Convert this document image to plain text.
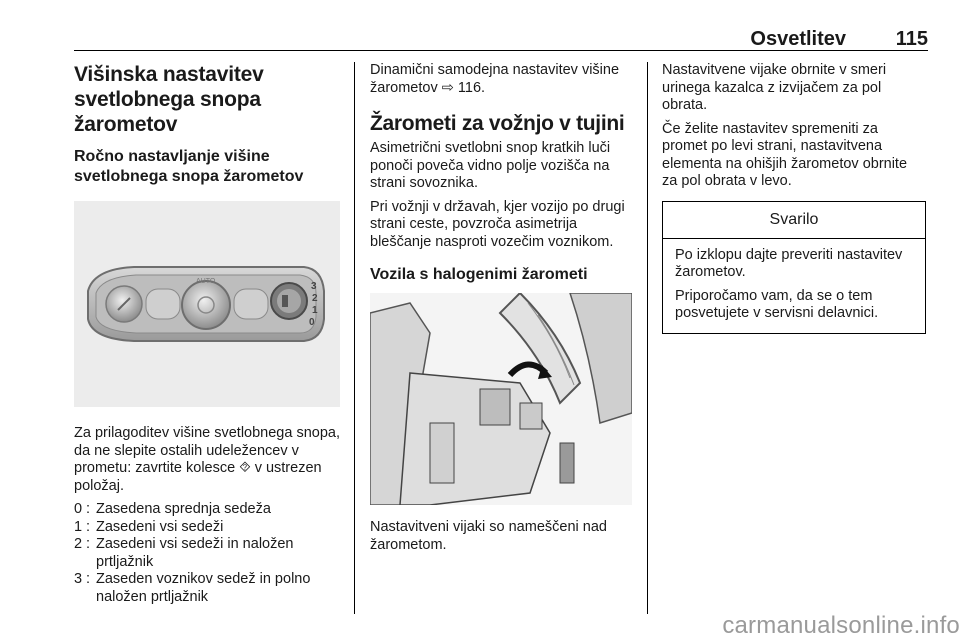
Osvetlitev 115
Višinska nastavitev svetlobnega snopa žarometov
Ročno nastavljanje višine svetlobnega snopa žarometov
AUTO	3
2
1
0

Za prilagoditev višine svetlobnega snopa, da ne slepite ostalih udeležencev v prometu: zavrtite kolesce ⯑ v ustrezen položaj.

0 : Zasedena sprednja sedeža
1 : Zasedeni vsi sedeži
2 : Zasedeni vsi sedeži in naložen prtljažnik
3 : Zaseden voznikov sedež in polno naložen prtljažnik

Dinamični samodejna nastavitev višine žarometov ⇨ 116.

Žarometi za vožnjo v tujini

Asimetrični svetlobni snop kratkih luči ponoči poveča vidno polje vozišča na strani sovoznika.

Pri vožnji v državah, kjer vozijo po drugi strani ceste, povzroča asimetrija bleščanje nasproti vozečim voznikom.

Vozila s halogenimi žarometi

Nastavitveni vijaki so nameščeni nad žarometom.

Nastavitvene vijake obrnite v smeri urinega kazalca z izvijačem za pol obrata.

Če želite nastavitev spremeniti za promet po levi strani, nastavitvena elementa na ohišjih žarometov obrnite za pol obrata v levo.

Svarilo

Po izklopu dajte preveriti nastavitev žarometov.

Priporočamo vam, da se o tem posvetujete v servisni delavnici.

carmanualsonline.info
